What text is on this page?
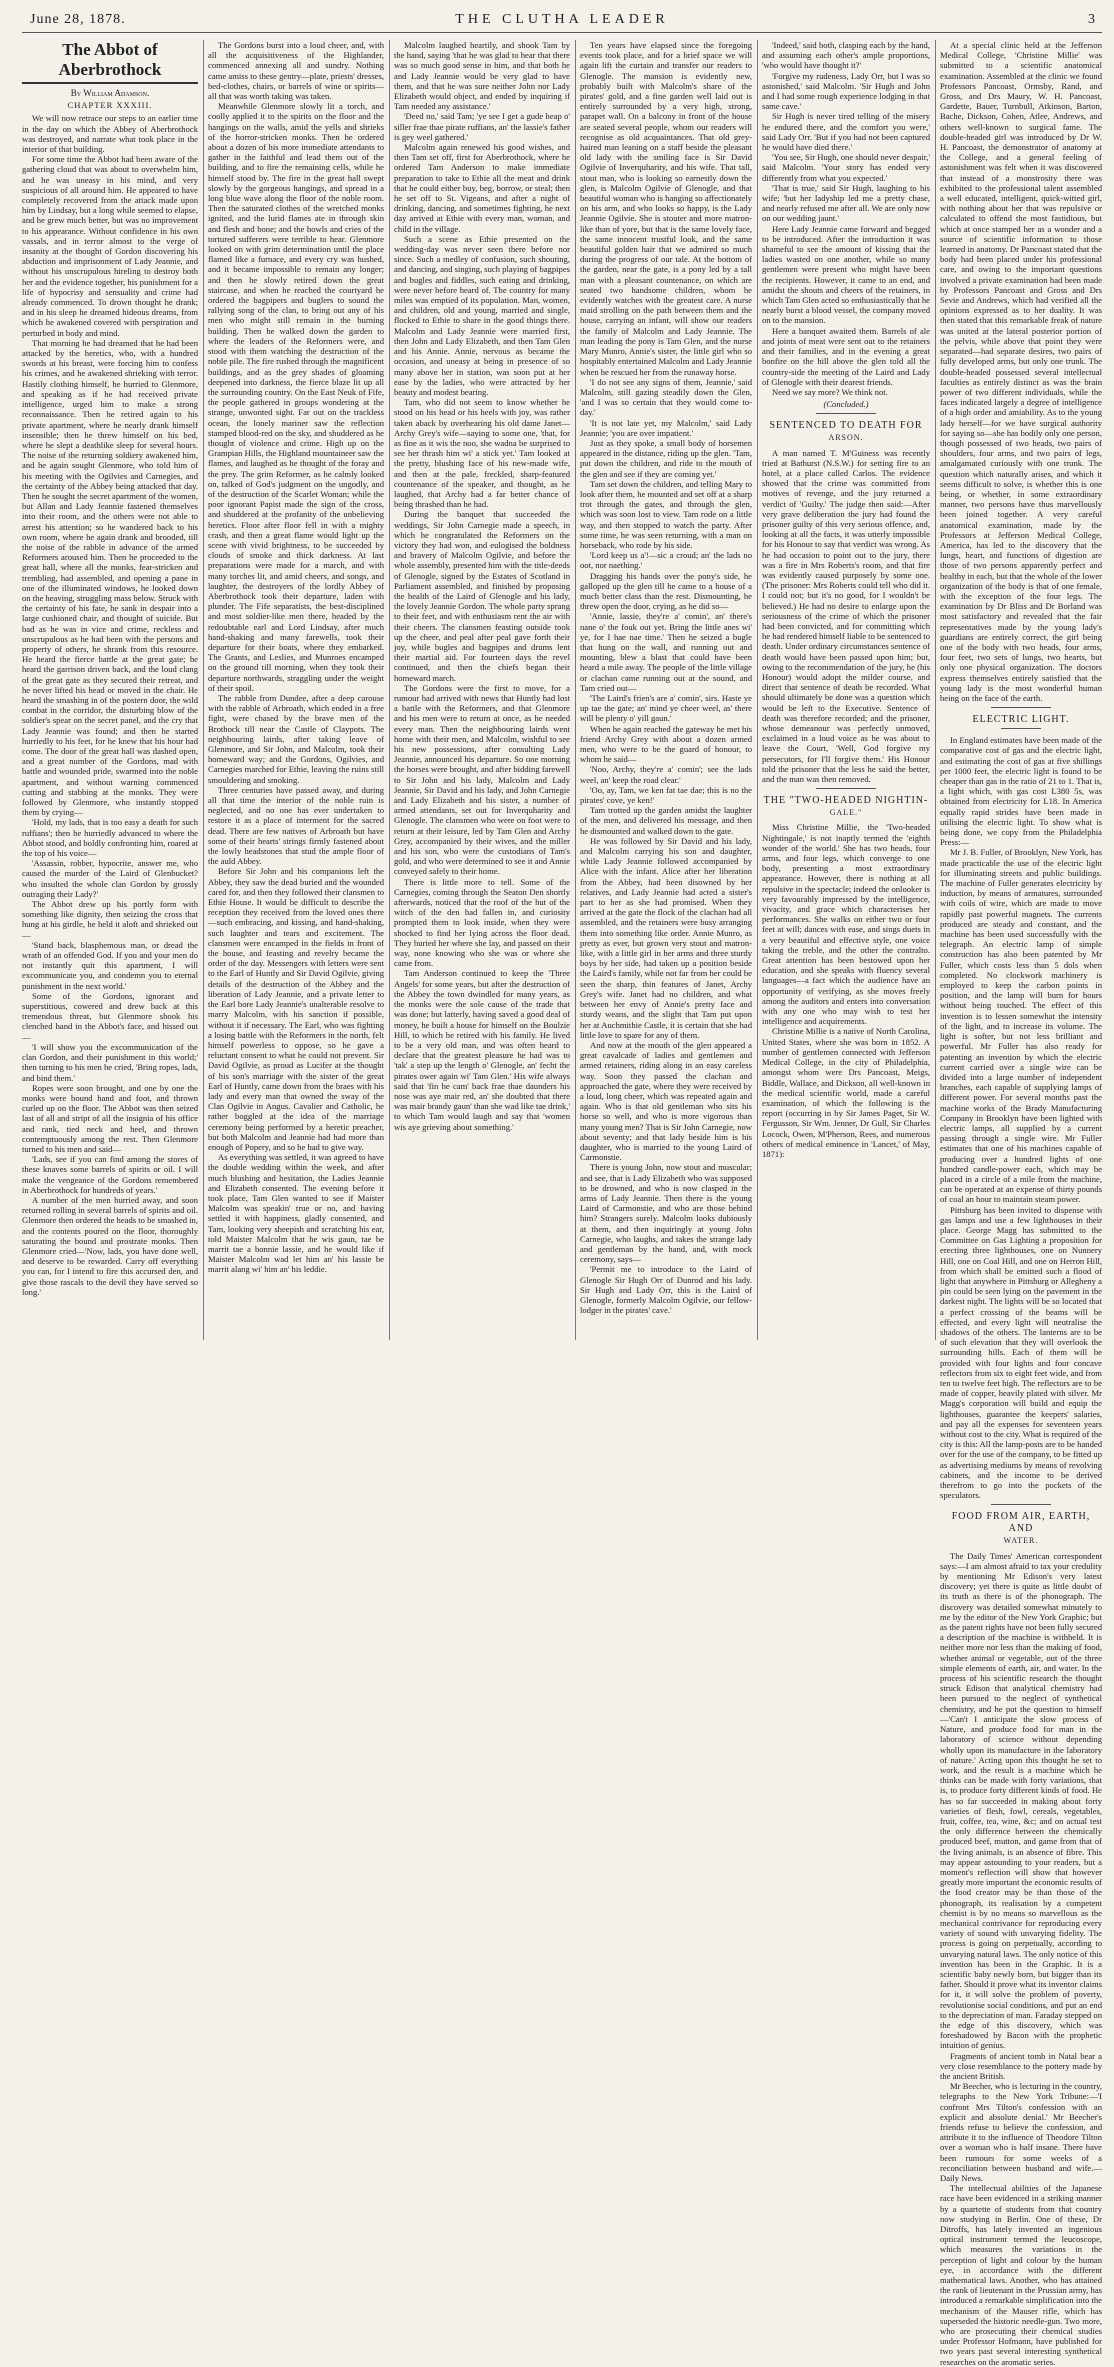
June 28, 1878.	THE CLUTHA LEADER	3
The Abbot of Aberbrothock
By William Adamson.
CHAPTER XXXIII.

We will now retrace our steps to an earlier time in the day on which the Abbey of Aberbrothock was destroyed, and narrate what took place in the interior of that building.

For some time the Abbot had been aware of the gathering cloud that was about to overwhelm him, and he was uneasy in his mind, and very suspicious of all around him. He appeared to have completely recovered from the attack made upon him by Lindsay, but a long while seemed to elapse, and he grew much better, but was no improvement to his appearance. Without confidence in his own vassals, and in terror almost to the verge of insanity at the thought of Gordon discovering his abduction and imprisonment of Lady Jeannie, and without his unscrupulous hireling to destroy both her and the evidence together, his punishment for a life of hypocrisy and sensuality and crime had already commenced. To drown thought he drank; and in his sleep he dreamed hideous dreams, from which he awakened covered with perspiration and perturbed in body and mind.

That morning he had dreamed that he had been attacked by the heretics, who, with a hundred swords at his breast, were forcing him to confess his crimes, and he awakened shrieking with terror. Hastily clothing himself, he hurried to Glenmore, and speaking as if he had received private intelligence, urged him to make a strong reconnaissance. Then he retired again to his private apartment, where he nearly drank himself insensible; then he threw himself on his bed, where he slept a deathlike sleep for several hours. The noise of the returning soldiery awakened him, and he again sought Glenmore, who told him of his meeting with the Ogilvies and Carnegies, and the certainty of the Abbey being attacked that day. Then he sought the secret apartment of the women, but Allan and Lady Jeannie fastened themselves into their room, and the others were not able to arrest his attention; so he wandered back to his own room, where he again drank and brooded, till the noise of the rabble in advance of the armed Reformers aroused him. Then he proceeded to the great hall, where all the monks, fear-stricken and trembling, had assembled, and opening a pane in one of the illuminated windows, he looked down on the heaving, struggling mass below. Struck with the certainty of his fate, he sank in despair into a large cushioned chair, and thought of suicide. But bad as he was in vice and crime, reckless and unscrupulous as he had been with the persons and property of others, he shrank from this resource. He heard the fierce battle at the great gate; he heard the garrison driven back, and the loud clang of the great gate as they secured their retreat, and he never lifted his head or moved in the chair. He heard the smashing in of the postern door, the wild combat in the corridor, the disturbing blow of the soldier's spear on the secret panel, and the cry that Lady Jeannie was found; and then he started hurriedly to his feet, for he knew that his hour had come. The door of the great hall was dashed open, and a great number of the Gordons, mad with battle and wounded pride, swarmed into the noble apartment, and without warning commenced cutting and stabbing at the monks. They were followed by Glenmore, who instantly stopped them by crying—

'Hold, my lads, that is too easy a death for such ruffians'; then he hurriedly advanced to where the Abbot stood, and boldly confronting him, roared at the top of his voice—

'Assassin, robber, hypocrite, answer me, who caused the murder of the Laird of Glenbucket? who insulted the whole clan Gordon by grossly outraging their Lady?'

The Abbot drew up his portly form with something like dignity, then seizing the cross that hung at his girdle, he held it aloft and shrieked out—

'Stand back, blasphemous man, or dread the wrath of an offended God. If you and your men do not instantly quit this apartment, I will excommunicate you, and condemn you to eternal punishment in the next world.'

Some of the Gordons, ignorant and superstitious, cowered and drew back at this tremendous threat, but Glenmore shook his clenched hand in the Abbot's face, and hissed out—

'I will show you the excommunication of the clan Gordon, and their punishment in this world;' then turning to his men he cried, 'Bring ropes, lads, and bind them.'

Ropes were soon brought, and one by one the monks were bound hand and foot, and thrown curled up on the floor. The Abbot was then seized last of all and stript of all the insignia of his office and rank, tied neck and heel, and thrown contemptuously among the rest. Then Glenmore turned to his men and said—

'Lads, see if you can find among the stores of these knaves some barrels of spirits or oil. I will make the vengeance of the Gordons remembered in Aberbrothock for hundreds of years.'

A number of the men hurried away, and soon returned rolling in several barrels of spirits and oil. Glenmore then ordered the heads to be smashed in, and the contents poured on the floor, thoroughly saturating the bound and prostrate monks. Then Glenmore cried—'Now, lads, you have done well, and deserve to be rewarded. Carry off everything you can, for I intend to fire this accursed den, and give those rascals to the devil they have served so long.'

The Gordons burst into a loud cheer, and, with all the acquisitiveness of the Highlander, commenced annexing all and sundry. Nothing came amiss to these gentry—plate, priests' dresses, bed-clothes, chairs, or barrels of wine or spirits—all that was worth taking was taken.

Meanwhile Glenmore slowly lit a torch, and coolly applied it to the spirits on the floor and the hangings on the walls, amid the yells and shrieks of the horror-stricken monks. Then he ordered about a dozen of his more immediate attendants to gather in the faithful and lead them out of the building, and to fire the remaining cells, while he himself stood by. The fire in the great hall swept slowly by the gorgeous hangings, and spread in a long blue wave along the floor of the noble room. Then the saturated clothes of the wretched monks ignited, and the lurid flames ate in through skin and flesh and bone; and the howls and cries of the tortured sufferers were terrible to hear. Glenmore looked on with grim determination until the place flamed like a furnace, and every cry was hushed, and it became impossible to remain any longer; and then he slowly retired down the great staircase, and when he reached the courtyard he ordered the bagpipers and buglers to sound the rallying song of the clan, to bring out any of his men who might still remain in the burning building. Then he walked down the garden to where the leaders of the Reformers were, and stood with them watching the destruction of the noble pile. The fire rushed through the magnificent buildings, and as the grey shades of gloaming deepened into darkness, the fierce blaze lit up all the surrounding country. On the East Neuk of Fife, the people gathered in groups wondering at the strange, unwonted sight. Far out on the trackless ocean, the lonely mariner saw the reflection stamped blood-red on the sky, and shuddered as he thought of violence and crime. High up on the Grampian Hills, the Highland mountaineer saw the flames, and laughed as he thought of the foray and the prey. The grim Reformer, as he calmly looked on, talked of God's judgment on the ungodly, and of the destruction of the Scarlet Woman; while the poor ignorant Papist made the sign of the cross, and shuddered at the profanity of the unbelieving heretics. Floor after floor fell in with a mighty crash, and then a great flame would light up the scene with vivid brightness, to be succeeded by clouds of smoke and thick darkness. At last preparations were made for a march, and with many torches lit, and amid cheers, and songs, and laughter, the destroyers of the lordly Abbey of Aberbrothock took their departure, laden with plunder. The Fife separatists, the best-disciplined and most soldier-like men there, headed by the redoubtable earl and Lord Lindsay, after much hand-shaking and many farewells, took their departure for their boats, where they embarked. The Grants, and Leslies, and Munroes encamped on the ground till morning, when they took their departure northwards, straggling under the weight of their spoil.

The rabble from Dundee, after a deep carouse with the rabble of Arbroath, which ended in a free fight, were chased by the brave men of the Brothock till near the Castle of Claypots. The neighbouring lairds, after taking leave of Glenmore, and Sir John, and Malcolm, took their homeward way; and the Gordons, Ogilvies, and Carnegies marched for Ethie, leaving the ruins still smouldering and smoking.

Three centuries have passed away, and during all that time the interior of the noble ruin is neglected, and no one has ever undertaken to restore it as a place of interment for the sacred dead. There are few natives of Arbroath but have some of their hearts' strings firmly fastened about the lowly headstones that stud the ample floor of the auld Abbey.

Before Sir John and his companions left the Abbey, they saw the dead buried and the wounded cared for, and then they followed their clansmen to Ethie House. It would be difficult to describe the reception they received from the loved ones there—such embracing, and kissing, and hand-shaking, such laughter and tears and excitement. The clansmen were encamped in the fields in front of the house, and feasting and revelry became the order of the day. Messengers with letters were sent to the Earl of Huntly and Sir David Ogilvie, giving details of the destruction of the Abbey and the liberation of Lady Jeannie, and a private letter to the Earl bore Lady Jeannie's unalterable resolve to marry Malcolm, with his sanction if possible, without it if necessary. The Earl, who was fighting a losing battle with the Reformers in the north, felt himself powerless to oppose, so he gave a reluctant consent to what he could not prevent. Sir David Ogilvie, as proud as Lucifer at the thought of his son's marriage with the sister of the great Earl of Huntly, came down from the braes with his lady and every man that owned the sway of the Clan Ogilvie in Angus. Cavalier and Catholic, he rather boggled at the idea of the marriage ceremony being performed by a heretic preacher, but both Malcolm and Jeannie had had more than enough of Popery, and so he had to give way.

As everything was settled, it was agreed to have the double wedding within the week, and after much blushing and hesitation, the Ladies Jeannie and Elizabeth consented. The evening before it took place, Tam Glen wanted to see if Maister Malcolm was speakin' true or no, and having settled it with happiness, gladly consented, and Tam, looking very sheepish and scratching his ear, told Maister Malcolm that he wis gaun, tae be marrit tae a bonnie lassie, and he would like if Maister Malcolm wad let him an' his lassie be marrit alang wi' him an' his leddie.

Malcolm laughed heartily, and shook Tam by the hand, saying 'that he was glad to hear that there was so much good sense in him, and that both he and Lady Jeannie would be very glad to have them, and that he was sure neither John nor Lady Elizabeth would object, and ended by inquiring if Tam needed any assistance.'

'Deed no,' said Tam; 'ye see I get a gude heap o' siller frae thae pirate ruffians, an' the lassie's father is gey weel gathered.'

Malcolm again renewed his good wishes, and then Tam set off, first for Aberbrothock, where he ordered Tam Anderson to make immediate preparation to take to Ethie all the meat and drink that he could either buy, beg, borrow, or steal; then he set off to St. Vigeans, and after a night of drinking, dancing, and sometimes fighting, he next day arrived at Ethie with every man, woman, and child in the village.

Such a scene as Ethie presented on the wedding-day was never seen there before nor since. Such a medley of confusion, such shouting, and dancing, and singing, such playing of bagpipes and bugles and fiddles, such eating and drinking, were never before heard of. The country for many miles was emptied of its population. Man, women, and children, old and young, married and single, flocked to Ethie to share in the good things there. Malcolm and Lady Jeannie were married first, then John and Lady Elizabeth, and then Tam Glen and his Annie. Annie, nervous as became the occasion, and uneasy at being in presence of so many above her in station, was soon put at her ease by the ladies, who were attracted by her beauty and modest bearing.

Tam, who did not seem to know whether he stood on his head or his heels with joy, was rather taken aback by overhearing his old dame Janet—Archy Grey's wife—saying to some one, 'that, for as fine as it wis the noo, she wadna be surprised to see her thrash him wi' a stick yet.' Tam looked at the pretty, blushing face of his new-made wife, and then at the pale, freckled, sharp-featured countenance of the speaker, and thought, as he laughed, that Archy had a far better chance of being thrashed than he had.

During the banquet that succeeded the weddings, Sir John Carnegie made a speech, in which he congratulated the Reformers on the victory they had won, and eulogised the boldness and bravery of Malcolm Ogilvie, and before the whole assembly, presented him with the title-deeds of Glenogle, signed by the Estates of Scotland in Parliament assembled, and finished by proposing the health of the Laird of Glenogle and his lady, the lovely Jeannie Gordon. The whole party sprang to their feet, and with enthusiasm rent the air with their cheers. The clansmen feasting outside took up the cheer, and peal after peal gave forth their joy, while bugles and bagpipes and drums lent their martial aid. For fourteen days the revel continued, and then the chiefs began their homeward march.

The Gordons were the first to move, for a rumour had arrived with news that Huntly had lost a battle with the Reformers, and that Glenmore and his men were to return at once, as he needed every man. Then the neighbouring lairds went home with their men, and Malcolm, wishful to see his new possessions, after consulting Lady Jeannie, announced his departure. So one morning the horses were brought, and after bidding farewell to Sir John and his lady, Malcolm and Lady Jeannie, Sir David and his lady, and John Carnegie and Lady Elizabeth and his sister, a number of armed attendants, set out for Inverquharity and Glenogle. The clansmen who were on foot were to return at their leisure, led by Tam Glen and Archy Grey, accompanied by their wives, and the miller and his son, who were the custodians of Tam's gold, and who were determined to see it and Annie conveyed safely to their home.

There is little more to tell. Some of the Carnegies, coming through the Seaton Den shortly afterwards, noticed that the roof of the hut of the witch of the den had fallen in, and curiosity prompted them to look inside, when they were shocked to find her lying across the floor dead. They buried her where she lay, and passed on their way, none knowing who she was or where she came from.

Tam Anderson continued to keep the 'Three Angels' for some years, but after the destruction of the Abbey the town dwindled for many years, as the monks were the sole cause of the trade that was done; but latterly, having saved a good deal of money, he built a house for himself on the Boulzie Hill, to which he retired with his family. He lived to be a very old man, and was often heard to declare that the greatest pleasure he had was to 'tak' a step up the length o' Glenogle, an' fecht the pirates ower again wi' Tam Glen.' His wife always said that 'fin he cam' back frae thae daunders his nose was aye mair red, an' she doubted that there was mair brandy gaun' than she wad like tae drink,' to which Tam would laugh and say that 'women wis aye grieving about something.'

Ten years have elapsed since the foregoing events took place, and for a brief space we will again lift the curtain and transfer our readers to Glenogle. The mansion is evidently new, probably built with Malcolm's share of the pirates' gold, and a fine garden well laid out is entirely surrounded by a very high, strong, parapet wall. On a balcony in front of the house are seated several people, whom our readers will recognise as old acquaintances. That old grey-haired man leaning on a staff beside the pleasant old lady with the smiling face is Sir David Ogilvie of Inverquharity, and his wife. That tall, stout man, who is looking so earnestly down the glen, is Malcolm Ogilvie of Glenogle, and that beautiful woman who is hanging so affectionately on his arm, and who looks so happy, is the Lady Jeannie Ogilvie. She is stouter and more matron-like than of yore, but that is the same lovely face, the same innocent trustful look, and the same beautiful golden hair that we admired so much during the progress of our tale. At the bottom of the garden, near the gate, is a pony led by a tall man with a pleasant countenance, on which are seated two handsome children, whom he evidently watches with the greatest care. A nurse maid strolling on the path between them and the house, carrying an infant, will show our readers the family of Malcolm and Lady Jeannie. The man leading the pony is Tam Glen, and the nurse Mary Munro, Annie's sister, the little girl who so hospitably entertained Malcolm and Lady Jeannie when he rescued her from the runaway horse.

'I do not see any signs of them, Jeannie,' said Malcolm, still gazing steadily down the Glen, 'and I was so certain that they would come to-day.'

'It is not late yet, my Malcolm,' said Lady Jeannie; 'you are over impatient.'

Just as they spoke, a small body of horsemen appeared in the distance, riding up the glen. 'Tam, put down the children, and ride to the mouth of the glen and see if they are coming yet.'

Tam set down the children, and telling Mary to look after them, he mounted and set off at a sharp trot through the gates, and through the glen, which was soon lost to view. Tam rode on a little way, and then stopped to watch the party. After some time, he was seen returning, with a man on horseback, who rode by his side.

'Lord keep us a'!—sic a croud; an' the lads no oot, nor naething.'

Dragging his hands over the pony's side, he galloped up the glen till he came to a house of a much better class than the rest. Dismounting, he threw open the door, crying, as he did so—

'Annie, lassie, they're a' comin', an' there's nane o' the fouk out yet. Bring the little anes wi' ye, for I hae nae time.' Then he seized a bugle that hung on the wall, and running out and mounting, blew a blast that could have been heard a mile away. The people of the little village or clachan came running out at the sound, and Tam cried out—

'The Laird's frien's are a' comin', sirs. Haste ye up tae the gate; an' mind ye cheer weel, as' there will be plenty o' yill gaun.'

When he again reached the gateway he met his friend Archy Grey with about a dozen armed men, who were to be the guard of honour, to whom he said—

'Noo, Archy, they're a' comin'; see the lads weel, an' keep the road clear.'

'Oo, ay, Tam, we ken fat tae dae; this is no the pirates' cove, ye ken!'

Tam trotted up the garden amidst the laughter of the men, and delivered his message, and then he dismounted and walked down to the gate.

He was followed by Sir David and his lady, and Malcolm carrying his son and daughter, while Lady Jeannie followed accompanied by Alice with the infant. Alice after her liberation from the Abbey, had been disowned by her relatives, and Lady Jeannie had acted a sister's part to her as she had promised. When they arrived at the gate the flock of the clachan had all assembled, and the retainers were busy arranging them into something like order. Annie Munro, as pretty as ever, but grown very stout and matron-like, with a little girl in her arms and three sturdy boys by her side, had taken up a position beside the Laird's family, while not far from her could be seen the sharp, thin features of Janet, Archy Grey's wife. Janet had no children, and what between her envy of Annie's pretty face and sturdy weans, and the slight that Tam put upon her at Auchmithie Castle, it is certain that she had little love to spare for any of them.

And now at the mouth of the glen appeared a great cavalcade of ladies and gentlemen and armed retainers, riding along in an easy careless way. Soon they passed the clachan and approached the gate, where they were received by a loud, long cheer, which was repeated again and again. Who is that old gentleman who sits his horse so well, and who is more vigorous than many young men? That is Sir John Carnegie, now about seventy; and that lady beside him is his daughter, who is married to the young Laird of Carmonstie.

There is young John, now stout and muscular; and see, that is Lady Elizabeth who was supposed to be drowned, and who is now clasped in the arms of Lady Jeannie. Then there is the young Laird of Carmonstie, and who are those behind him? Strangers surely. Malcolm looks dubiously at them, and then inquiringly at young John Carnegie, who laughs, and takes the strange lady and gentleman by the hand, and, with mock ceremony, says—

'Permit me to introduce to the Laird of Glenogle Sir Hugh Orr of Dunrod and his lady. Sir Hugh and Lady Orr, this is the Laird of Glenogle, formerly Malcolm Ogilvie, our fellow-lodger in the pirates' cave.'

'Indeed,' said both, clasping each by the hand, and assuming each other's ample proportions, 'who would have thought it?'

'Forgive my rudeness, Lady Orr, but I was so astonished,' said Malcolm. 'Sir Hugh and John and I had some rough experience lodging in that same cave.'

Sir Hugh is never tired telling of the misery he endured there, and the comfort you were,' said Lady Orr. 'But if you had not been captured he would have died there.'

'You see, Sir Hugh, one should never despair,' said Malcolm. 'Your story has ended very differently from what you expected.'

'That is true,' said Sir Hugh, laughing to his wife; 'but her ladyship led me a pretty chase, and nearly refused me after all. We are only now on our wedding jaunt.'

Here Lady Jeannie came forward and begged to be introduced. After the introduction it was shameful to see the amount of kissing that the ladies wasted on one another, while so many gentlemen were present who might have been the recipients. However, it came to an end, and amidst the shouts and cheers of the retainers, in which Tam Glen acted so enthusiastically that he nearly burst a blood vessel, the company moved on to the mansion.

Here a banquet awaited them. Barrels of ale and joints of meat were sent out to the retainers and their families, and in the evening a great bonfire on the hill above the glen told all the country-side the meeting of the Laird and Lady of Glenogle with their dearest friends.

Need we say more? We think not.

(Concluded.)
SENTENCED TO DEATH FOR
ARSON.

A man named T. M'Guiness was recently tried at Bathurst (N.S.W.) for setting fire to an hotel, at a place called Carlos. The evidence showed that the crime was committed from motives of revenge, and the jury returned a verdict of 'Guilty.' The judge then said:—After very grave deliberation the jury had found the prisoner guilty of this very serious offence, and, looking at all the facts, it was utterly impossible for his Honour to say that verdict was wrong. As he had occasion to point out to the jury, there was a fire in Mrs Roberts's room, and that fire was evidently caused purposely by some one. (The prisoner: Mrs Roberts could tell who did it. I could not; but it's no good, for I wouldn't be believed.) He had no desire to enlarge upon the seriousness of the crime of which the prisoner had been convicted, and for committing which he had rendered himself liable to be sentenced to death. Under ordinary circumstances sentence of death would have been passed upon him; but, owing to the recommendation of the jury, he (his Honour) would adopt the milder course, and direct that sentence of death be recorded. What should ultimately be done was a question which would be left to the Executive. Sentence of death was therefore recorded; and the prisoner, whose demeanour was perfectly unmoved, exclaimed in a loud voice as he was about to leave the Court, 'Well, God forgive my persecutors, for I'll forgive them.' His Honour told the prisoner that the less he said the better, and the man was then removed.

THE "TWO-HEADED NIGHTIN-
GALE."

Miss Christine Millie, the 'Two-headed Nightingale,' is not inaptly termed the 'eighth wonder of the world.' She has two heads, four arms, and four legs, which converge to one body, presenting a most extraordinary appearance. However, there is nothing at all repulsive in the spectacle; indeed the onlooker is very favourably impressed by the intelligence, vivacity, and grace which characterises her performances. She walks on either two or four feet at will; dances with ease, and sings duets in a very beautiful and effective style, one voice taking the treble, and the other the contralto. Great attention has been bestowed upon her education, and she speaks with fluency several languages—a fact which the audience have an opportunity of verifying, as she moves freely among the auditors and enters into conversation with any one who may wish to test her intelligence and acquirements.

Christine Millie is a native of North Carolina, United States, where she was born in 1852. A number of gentlemen connected with Jefferson Medical College, in the city of Philadelphia, amongst whom were Drs Pancoast, Meigs, Biddle, Wallace, and Dickson, all well-known in the medical scientific world, made a careful examination, of which the following is the report (occurring in by Sir James Paget, Sir W. Fergusson, Sir Wm. Jenner, Dr Gull, Sir Charles Locock, Owen, M'Pherson, Rees, and numerous others of medical eminence in 'Lancet,' of May, 1871):

At a special clinic held at the Jefferson Medical College, 'Christine Millie' was submitted to a scientific anatomical examination. Assembled at the clinic we found Professors Pancoast, Ormsby, Rand, and Gross, and Drs Maury, W. H. Pancoast, Gardette, Bauer, Turnbull, Atkinson, Barton, Bache, Dickson, Cohen, Atlee, Andrews, and others well-known to surgical fame. The double-headed girl was introduced by Dr W. H. Pancoast, the demonstrator of anatomy at the College, and a general feeling of astonishment was felt when it was discovered that instead of a monstrosity there was exhibited to the professional talent assembled a well educated, intelligent, quick-witted girl, with nothing about her that was repulsive or calculated to offend the most fastidious, but which at once stamped her as a wonder and a source of scientific information to those learned in anatomy. Dr Pancoast stated that the body had been placed under his professional care, and owing to the important questions involved a private examination had been made by Professors Pancoast and Gross and Drs Sevie and Andrews, which had verified all the opinions expressed as to her duality. It was then stated that this remarkable freak of nature was united at the lateral posterior portion of the pelvis, while above that point they were separated—had separate desires, two pairs of fully developed arms, but only one trunk. The double-headed possessed several intellectual faculties as entirely distinct as was the brain power of two different individuals, while the faces indicated largely a degree of intelligence of a high order and amiability. As to the young lady herself—for we have surgical authority for saying so—she has bodily only one person, though possessed of two heads, two pairs of shoulders, four arms, and two pairs of legs, amalgamated curiously with one trunk. The question which naturally arises, and which it seems difficult to solve, is whether this is one being, or whether, in some extraordinary manner, two persons have thus marvellously been joined together. A very careful anatomical examination, made by the Professors at Jefferson Medical College, America, has led to the discovery that the lungs, heart, and functions of digestion are those of two persons apparently perfect and healthy in each, but that the whole of the lower organization of the body is that of one female, with the exception of the four legs. The examination by Dr Bliss and Dr Borland was most satisfactory and revealed that the fair representatives made by the young lady's guardians are entirely correct, the girl being one of the body with two heads, four arms, four feet, two sets of lungs, two hearts, but only one physical organization. The doctors express themselves entirely satisfied that the young lady is the most wonderful human being on the face of the earth.

ELECTRIC LIGHT.

In England estimates have been made of the comparative cost of gas and the electric light, and estimating the cost of gas at five shillings per 1000 feet, the electric light is found to be cheaper than gas in the ratio of 21 to 1. That is, a light which, with gas cost L380 5s, was obtained from electricity for L18. In America equally rapid strides have been made in utilising the electric light. To show what is being done, we copy from the Philadelphia Press:—

Mr J. B. Fuller, of Brooklyn, New York, has made practicable the use of the electric light for illuminating streets and public buildings. The machine of Fuller generates electricity by induction, by means of armatures, surrounded with coils of wire, which are made to move rapidly past powerful magnets. The currents produced are steady and constant, and the machine has been used successfully with the telegraph. An electric lamp of simple construction has also been patented by Mr Fuller, which costs less than 5 dols when completed. No clockwork machinery is employed to keep the carbon points in position, and the lamp will burn for hours without being touched. The effect of this invention is to lessen somewhat the intensity of the light, and to increase its volume. The light is softer, but not less brilliant and powerful. Mr Fuller has also ready for patenting an invention by which the electric current carried over a single wire can be divided into a large number of independent branches, each capable of supplying lamps of different power. For several months past the machine works of the Brady Manufacturing Company in Brooklyn have been lighted with electric lamps, all supplied by a current passing through a single wire. Mr Fuller estimates that one of his machines capable of producing over a hundred lights of one hundred candle-power each, which may be placed in a circle of a mile from the machine, can be operated at an expense of thirty pounds of coal an hour to maintain steam power.

Pittsburg has been invited to dispense with gas lamps and use a few lighthouses in their place. George Magg has submitted to the Committee on Gas Lighting a proposition for erecting three lighthouses, one on Nunnery Hill, one on Coal Hill, and one on Herron Hill, from which shall be emitted such a flood of light that anywhere in Pittsburg or Allegheny a pin could be seen lying on the pavement in the darkest night. The lights will be so located that a perfect crossing of the beams will be effected, and every light will neutralise the shadows of the others. The lanterns are to be of such elevation that they will overlook the surrounding hills. Each of them will be provided with four lights and four concave reflectors from six to eight feet wide, and from ten to twelve feet high. The reflectors are to be made of copper, heavily plated with silver. Mr Magg's corporation will build and equip the lighthouses, guarantee the keepers' salaries, and pay all the expenses for seventeen years without cost to the city. What is required of the city is this: All the lamp-posts are to be handed over for the use of the company, to be fitted up as advertising mediums by means of revolving cabinets, and the income to be derived therefrom to go into the pockets of the speculators.

FOOD FROM AIR, EARTH, AND
WATER.

The Daily Times' American correspondent says:—I am almost afraid to tax your credulity by mentioning Mr Edison's very latest discovery; yet there is quite as little doubt of its truth as there is of the phonograph. The discovery was detailed somewhat minutely to me by the editor of the New York Graphic; but as the patent rights have not been fully secured a description of the machine is withheld. It is neither more nor less than the making of food, whether animal or vegetable, out of the three simple elements of earth, air, and water. In the process of his scientific research the thought struck Edison that analytical chemistry had been pursued to the neglect of synthetical chemistry, and he put the question to himself—'Can't I anticipate the slow process of Nature, and produce food for man in the laboratory of science without depending wholly upon its manufacture in the laboratory of nature.' Acting upon this thought he set to work, and the result is a machine which he thinks can be made with forty variations, that is, to produce forty different kinds of food. He has so far succeeded in making about forty varieties of flesh, fowl, cereals, vegetables, fruit, coffee, tea, wine, &c; and on actual test the only difference between the chemically produced beef, mutton, and game from that of the living animals, is an absence of fibre. This may appear astounding to your readers, but a moment's reflection will show that however greatly more important the economic results of the food creator may be than those of the phonograph, its realisation by a competent chemist is by no means so marvellous as the mechanical contrivance for reproducing every variety of sound with unvarying fidelity. The process is going on perpetually, according to unvarying natural laws. The only notice of this invention has been in the Graphic. It is a scientific baby newly born, but bigger than its father. Should it prove what its inventor claims for it, it will solve the problem of poverty, revolutionise social conditions, and put an end to the depreciation of man. Faraday stepped on the edge of this discovery, which was foreshadowed by Bacon with the prophetic intuition of genius.

Fragments of ancient tomb in Natal bear a very close resemblance to the pottery made by the ancient British.

Mr Beecher, who is lecturing in the country, telegraphs to the New York Tribune:—'I confront Mrs Tilton's confession with an explicit and absolute denial.' Mr Beecher's friends refuse to believe the confession, and attribute it to the influence of Theodore Tilton over a woman who is half insane. There have been rumours for some weeks of a reconciliation between husband and wife.—Daily News.

The intellectual abilities of the Japanese race have been evidenced in a striking manner by a quartette of students from that country now studying in Berlin. One of these, Dr Ditroffs, has lately invented an ingenious optical instrument termed the leucoscope, which measures the variations in the perception of light and colour by the human eye, in accordance with the different mathematical laws. Another, who has attained the rank of lieutenant in the Prussian army, has introduced a remarkable simplification into the mechanism of the Mauser rifle, which has superseded the historic needle-gun. Two more, who are prosecuting their chemical studies under Professor Hofmann, have published for two years past several interesting synthetical researches on the aromatic series.
